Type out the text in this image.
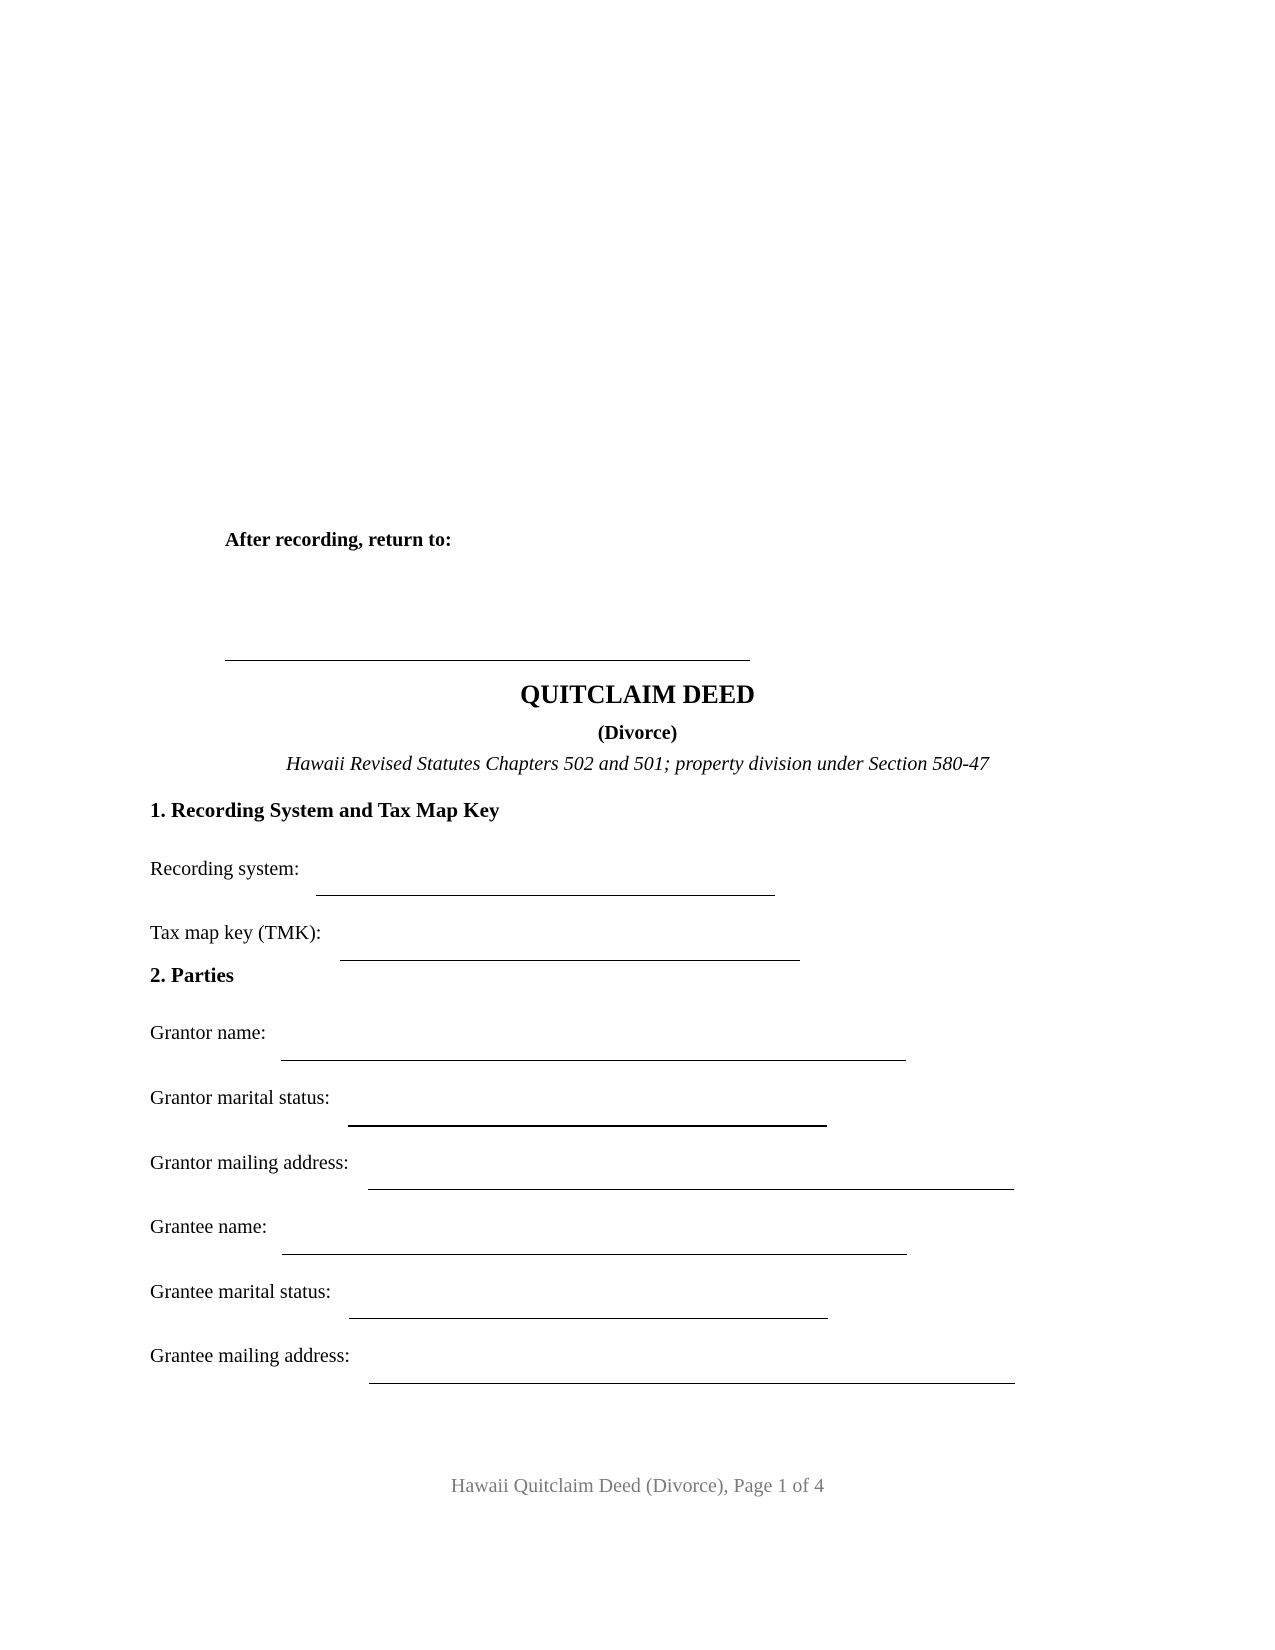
After recording, return to:
QUITCLAIM DEED
(Divorce)
Hawaii Revised Statutes Chapters 502 and 501; property division under Section 580-47
1. Recording System and Tax Map Key
Recording system:
Tax map key (TMK):
2. Parties
Grantor name:
Grantor marital status:
Grantor mailing address:
Grantee name:
Grantee marital status:
Grantee mailing address:
Hawaii Quitclaim Deed (Divorce), Page 1 of 4
